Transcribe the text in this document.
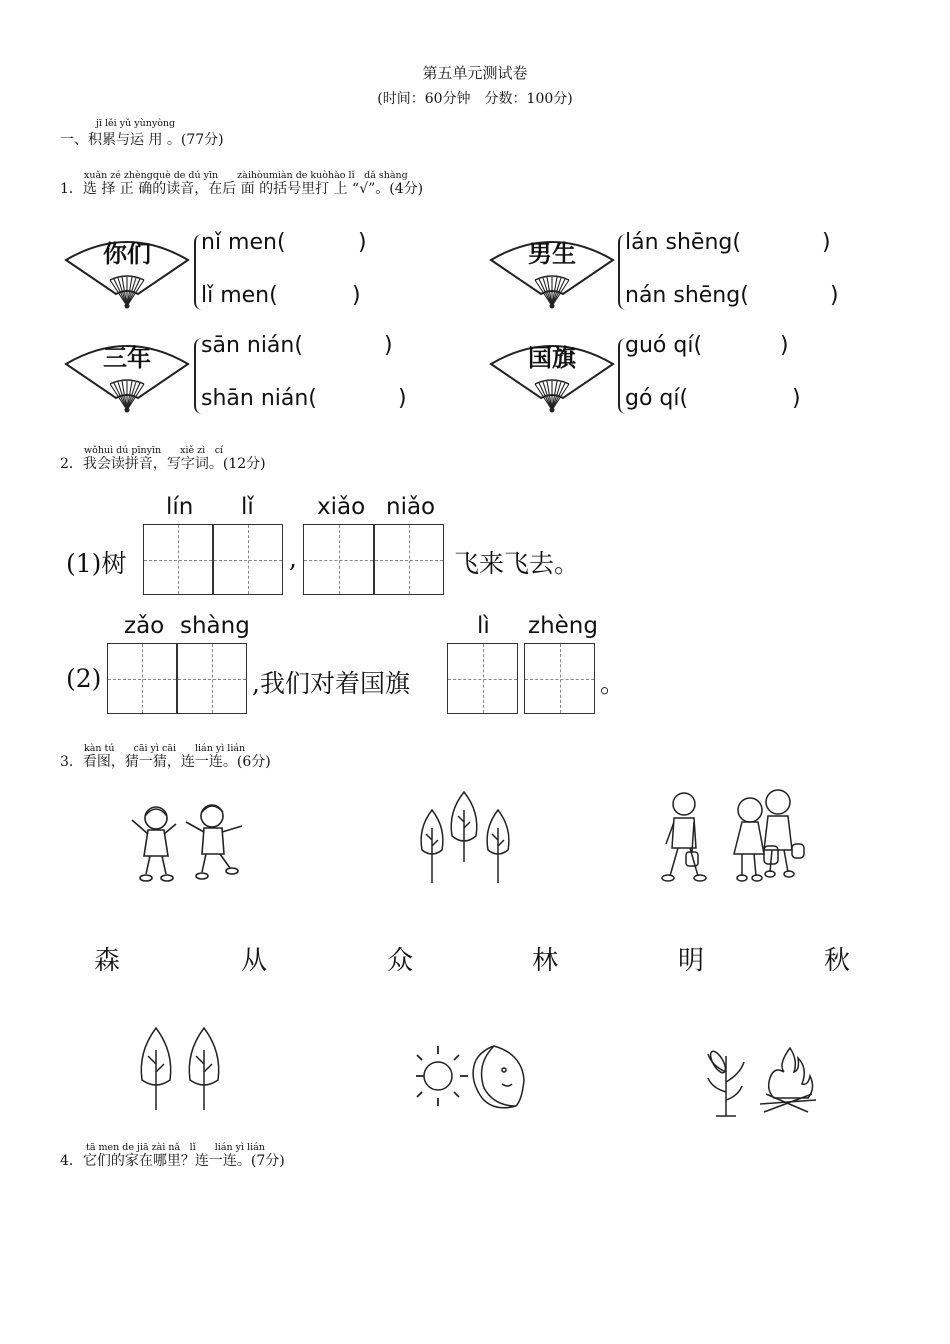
第五单元测试卷
(时间：60分钟　分数：100分)
jī lěi yǔ yùnyòng
一、积累与运 用 。(77分)
xuǎn zé zhèngquè de dú yīn　　zàihòumiàn de kuòhào lǐ　dǎ shàng
1．选 择 正 确的读音，在后 面 的括号里打 上 “√”。(4分)
你们	nǐ men(	)
lǐ men(	)
男生	lán shēng(	)
nán shēng(	)
三年	sān nián(	)
shān nián(	)
国旗	guó qí(	)
gó qí(	)
wǒhuì dú pīnyīn　　xiě zì　cí
2．我会读拼音，写字词。(12分)
lín lǐ	xiǎo niǎo
(1)树	,	飞来飞去。
zǎo shàng	lì zhèng
(2)	,我们对着国旗	。
kàn tú　　cāi yì cāi　　lián yì lián
3．看图，猜一猜，连一连。(6分)
森	从	众	林	明	秋
tā men de jiā zài nǎ　lǐ　　lián yì lián
4．它们的家在哪里？连一连。(7分)
